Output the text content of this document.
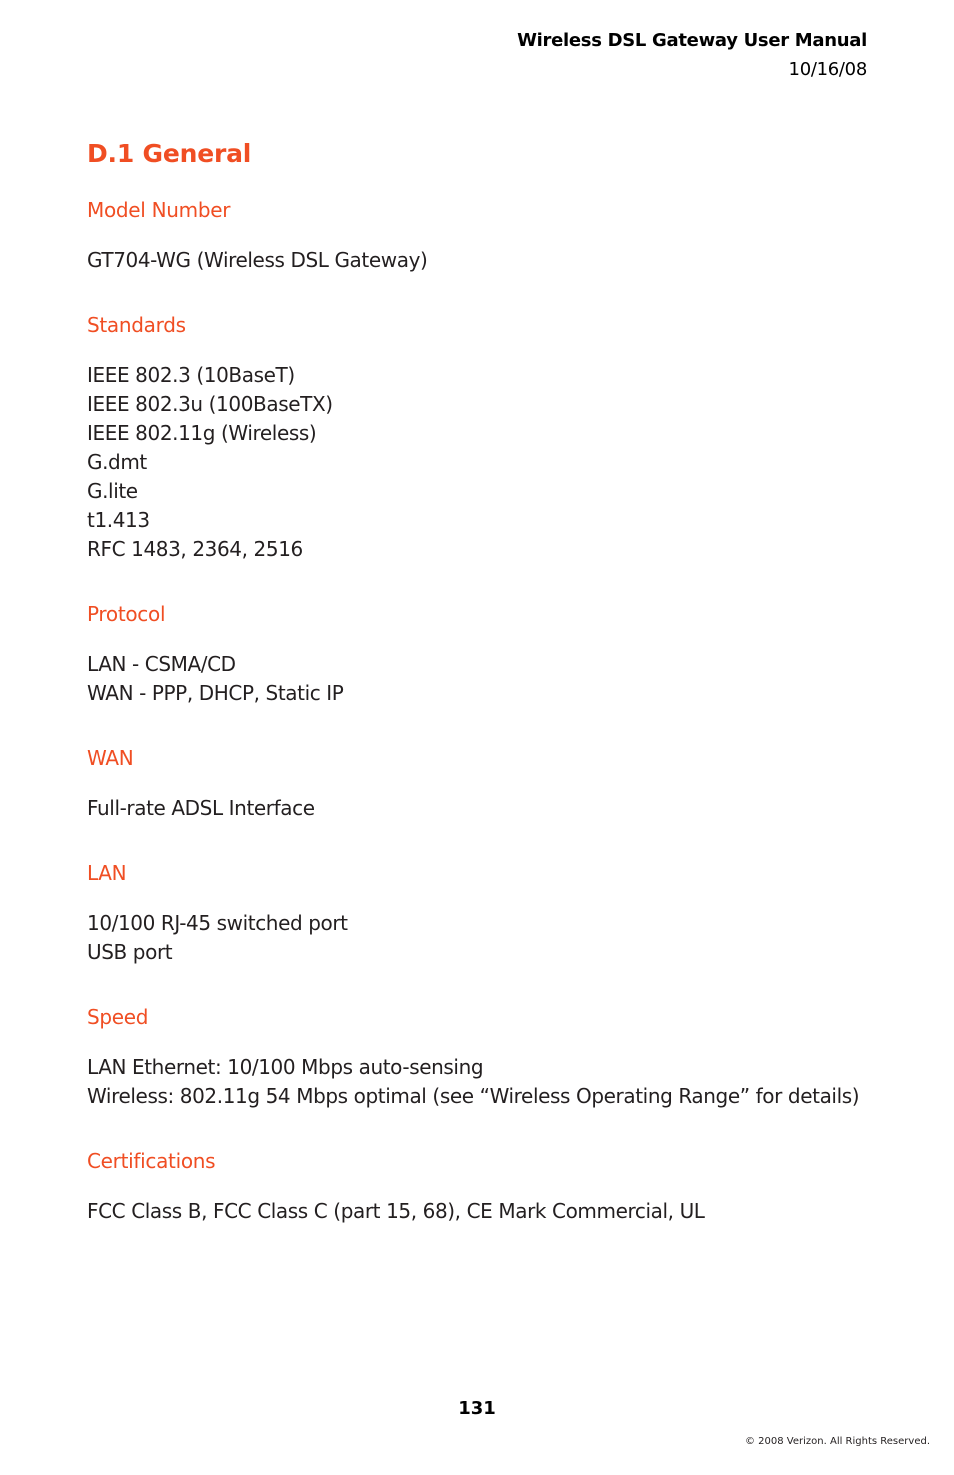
Wireless DSL Gateway User Manual
10/16/08
D.1 General
Model Number
GT704-WG (Wireless DSL Gateway)
Standards
IEEE 802.3 (10BaseT)
IEEE 802.3u (100BaseTX)
IEEE 802.11g (Wireless)
G.dmt
G.lite
t1.413
RFC 1483, 2364, 2516
Protocol
LAN - CSMA/CD
WAN - PPP, DHCP, Static IP
WAN
Full-rate ADSL Interface
LAN
10/100 RJ-45 switched port
USB port
Speed
LAN Ethernet: 10/100 Mbps auto-sensing
Wireless: 802.11g 54 Mbps optimal (see “Wireless Operating Range” for details)
Certifications
FCC Class B, FCC Class C (part 15, 68), CE Mark Commercial, UL
131
© 2008 Verizon. All Rights Reserved.
